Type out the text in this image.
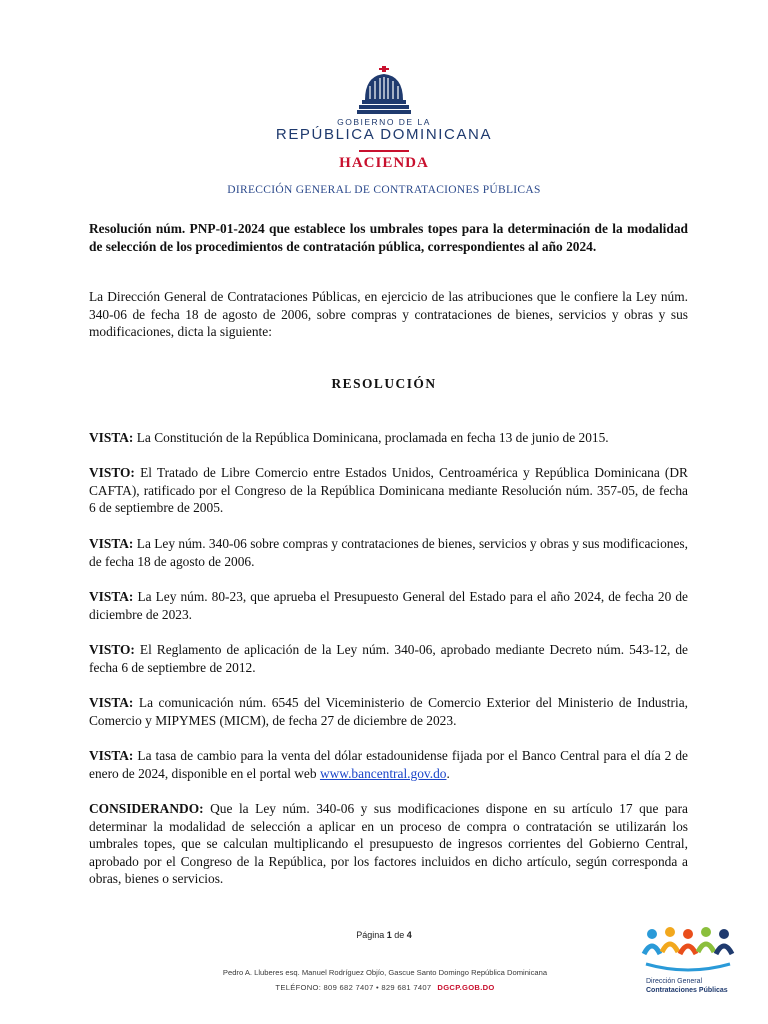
GOBIERNO DE LA
REPÚBLICA DOMINICANA
HACIENDA
DIRECCIÓN GENERAL DE CONTRATACIONES PÚBLICAS
Resolución núm. PNP-01-2024 que establece los umbrales topes para la determinación de la modalidad de selección de los procedimientos de contratación pública, correspondientes al año 2024.
La Dirección General de Contrataciones Públicas, en ejercicio de las atribuciones que le confiere la Ley núm. 340-06 de fecha 18 de agosto de 2006, sobre compras y contrataciones de bienes, servicios y obras y sus modificaciones, dicta la siguiente:
RESOLUCIÓN
VISTA: La Constitución de la República Dominicana, proclamada en fecha 13 de junio de 2015.
VISTO: El Tratado de Libre Comercio entre Estados Unidos, Centroamérica y República Dominicana (DR CAFTA), ratificado por el Congreso de la República Dominicana mediante Resolución núm. 357-05, de fecha 6 de septiembre de 2005.
VISTA: La Ley núm. 340-06 sobre compras y contrataciones de bienes, servicios y obras y sus modificaciones, de fecha 18 de agosto de 2006.
VISTA: La Ley núm. 80-23, que aprueba el Presupuesto General del Estado para el año 2024, de fecha 20 de diciembre de 2023.
VISTO: El Reglamento de aplicación de la Ley núm. 340-06, aprobado mediante Decreto núm. 543-12, de fecha 6 de septiembre de 2012.
VISTA: La comunicación núm. 6545 del Viceministerio de Comercio Exterior del Ministerio de Industria, Comercio y MIPYMES (MICM), de fecha 27 de diciembre de 2023.
VISTA: La tasa de cambio para la venta del dólar estadounidense fijada por el Banco Central para el día 2 de enero de 2024, disponible en el portal web www.bancentral.gov.do.
CONSIDERANDO: Que la Ley núm. 340-06 y sus modificaciones dispone en su artículo 17 que para determinar la modalidad de selección a aplicar en un proceso de compra o contratación se utilizarán los umbrales topes, que se calculan multiplicando el presupuesto de ingresos corrientes del Gobierno Central, aprobado por el Congreso de la República, por los factores incluidos en dicho artículo, según corresponda a obras, bienes o servicios.
Página 1 de 4
Pedro A. Lluberes esq. Manuel Rodríguez Objío, Gascue Santo Domingo República Dominicana
TELÉFONO: 809 682 7407 • 829 681 7407 DGCP.GOB.DO
Dirección General
Contrataciones Públicas
